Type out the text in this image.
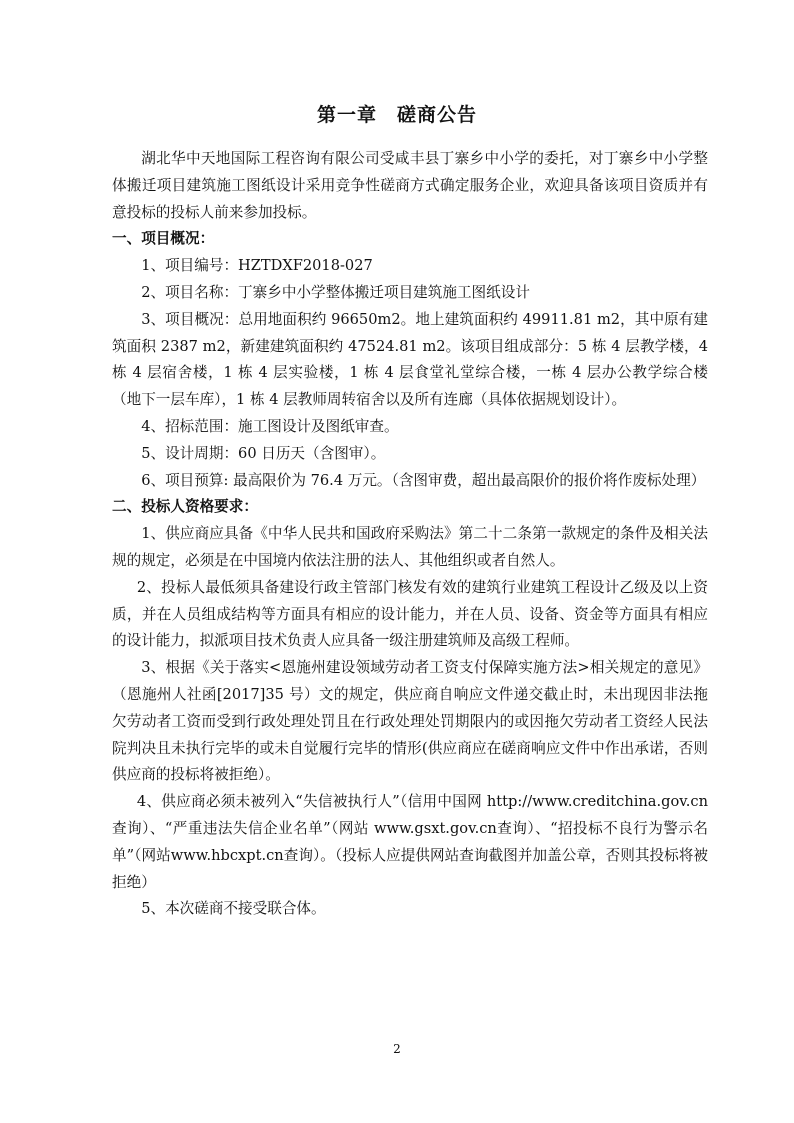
第一章　磋商公告

湖北华中天地国际工程咨询有限公司受咸丰县丁寨乡中小学的委托，对丁寨乡中小学整体搬迁项目建筑施工图纸设计采用竞争性磋商方式确定服务企业，欢迎具备该项目资质并有意投标的投标人前来参加投标。

一、项目概况：

1、项目编号：HZTDXF2018-027

2、项目名称：丁寨乡中小学整体搬迁项目建筑施工图纸设计

3、项目概况：总用地面积约 96650m2。地上建筑面积约 49911.81 m2，其中原有建筑面积 2387 m2，新建建筑面积约 47524.81 m2。该项目组成部分：5 栋 4 层教学楼，4 栋 4 层宿舍楼，1 栋 4 层实验楼，1 栋 4 层食堂礼堂综合楼，一栋 4 层办公教学综合楼（地下一层车库），1 栋 4 层教师周转宿舍以及所有连廊（具体依据规划设计）。

4、招标范围：施工图设计及图纸审查。

5、设计周期：60 日历天（含图审）。

6、项目预算: 最高限价为 76.4 万元。（含图审费，超出最高限价的报价将作废标处理）

二、投标人资格要求：

1、供应商应具备《中华人民共和国政府采购法》第二十二条第一款规定的条件及相关法规的规定，必须是在中国境内依法注册的法人、其他组织或者自然人。

2、投标人最低须具备建设行政主管部门核发有效的建筑行业建筑工程设计乙级及以上资质，并在人员组成结构等方面具有相应的设计能力，并在人员、设备、资金等方面具有相应的设计能力，拟派项目技术负责人应具备一级注册建筑师及高级工程师。

3、根据《关于落实<恩施州建设领域劳动者工资支付保障实施方法>相关规定的意见》（恩施州人社函[2017]35 号）文的规定，供应商自响应文件递交截止时，未出现因非法拖欠劳动者工资而受到行政处理处罚且在行政处理处罚期限内的或因拖欠劳动者工资经人民法院判决且未执行完毕的或未自觉履行完毕的情形(供应商应在磋商响应文件中作出承诺，否则供应商的投标将被拒绝）。

4、供应商必须未被列入“失信被执行人”（信用中国网 http://www.creditchina.gov.cn查询）、“严重违法失信企业名单”（网站 www.gsxt.gov.cn查询）、“招投标不良行为警示名单”（网站www.hbcxpt.cn查询）。（投标人应提供网站查询截图并加盖公章，否则其投标将被拒绝）

5、本次磋商不接受联合体。

2
